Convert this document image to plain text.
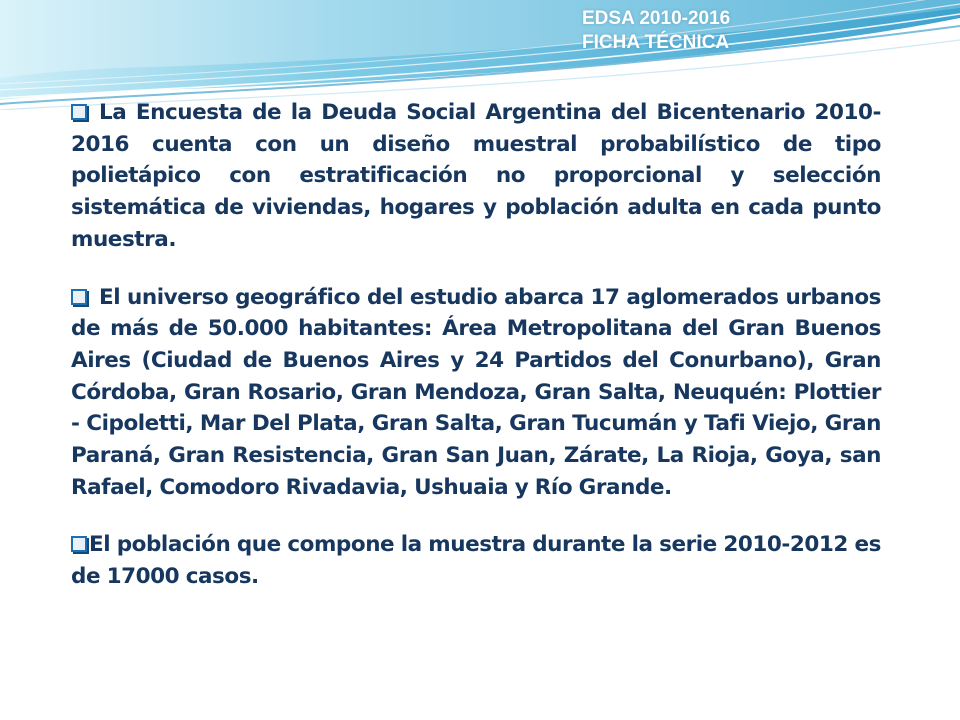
EDSA 2010-2016
FICHA TÉCNICA

La Encuesta de la Deuda Social Argentina del Bicentenario 2010-2016 cuenta con un diseño muestral probabilístico de tipo polietápico con estratificación no proporcional y selección sistemática de viviendas, hogares y población adulta en cada punto muestra.

El universo geográfico del estudio abarca 17 aglomerados urbanos de más de 50.000 habitantes: Área Metropolitana del Gran Buenos Aires (Ciudad de Buenos Aires y 24 Partidos del Conurbano), Gran Córdoba, Gran Rosario, Gran Mendoza, Gran Salta, Neuquén: Plottier - Cipoletti, Mar Del Plata, Gran Salta, Gran Tucumán y Tafi Viejo, Gran Paraná, Gran Resistencia, Gran San Juan, Zárate, La Rioja, Goya, san Rafael, Comodoro Rivadavia, Ushuaia y Río Grande.

El población que compone la muestra durante la serie 2010-2012 es de 17000 casos.
